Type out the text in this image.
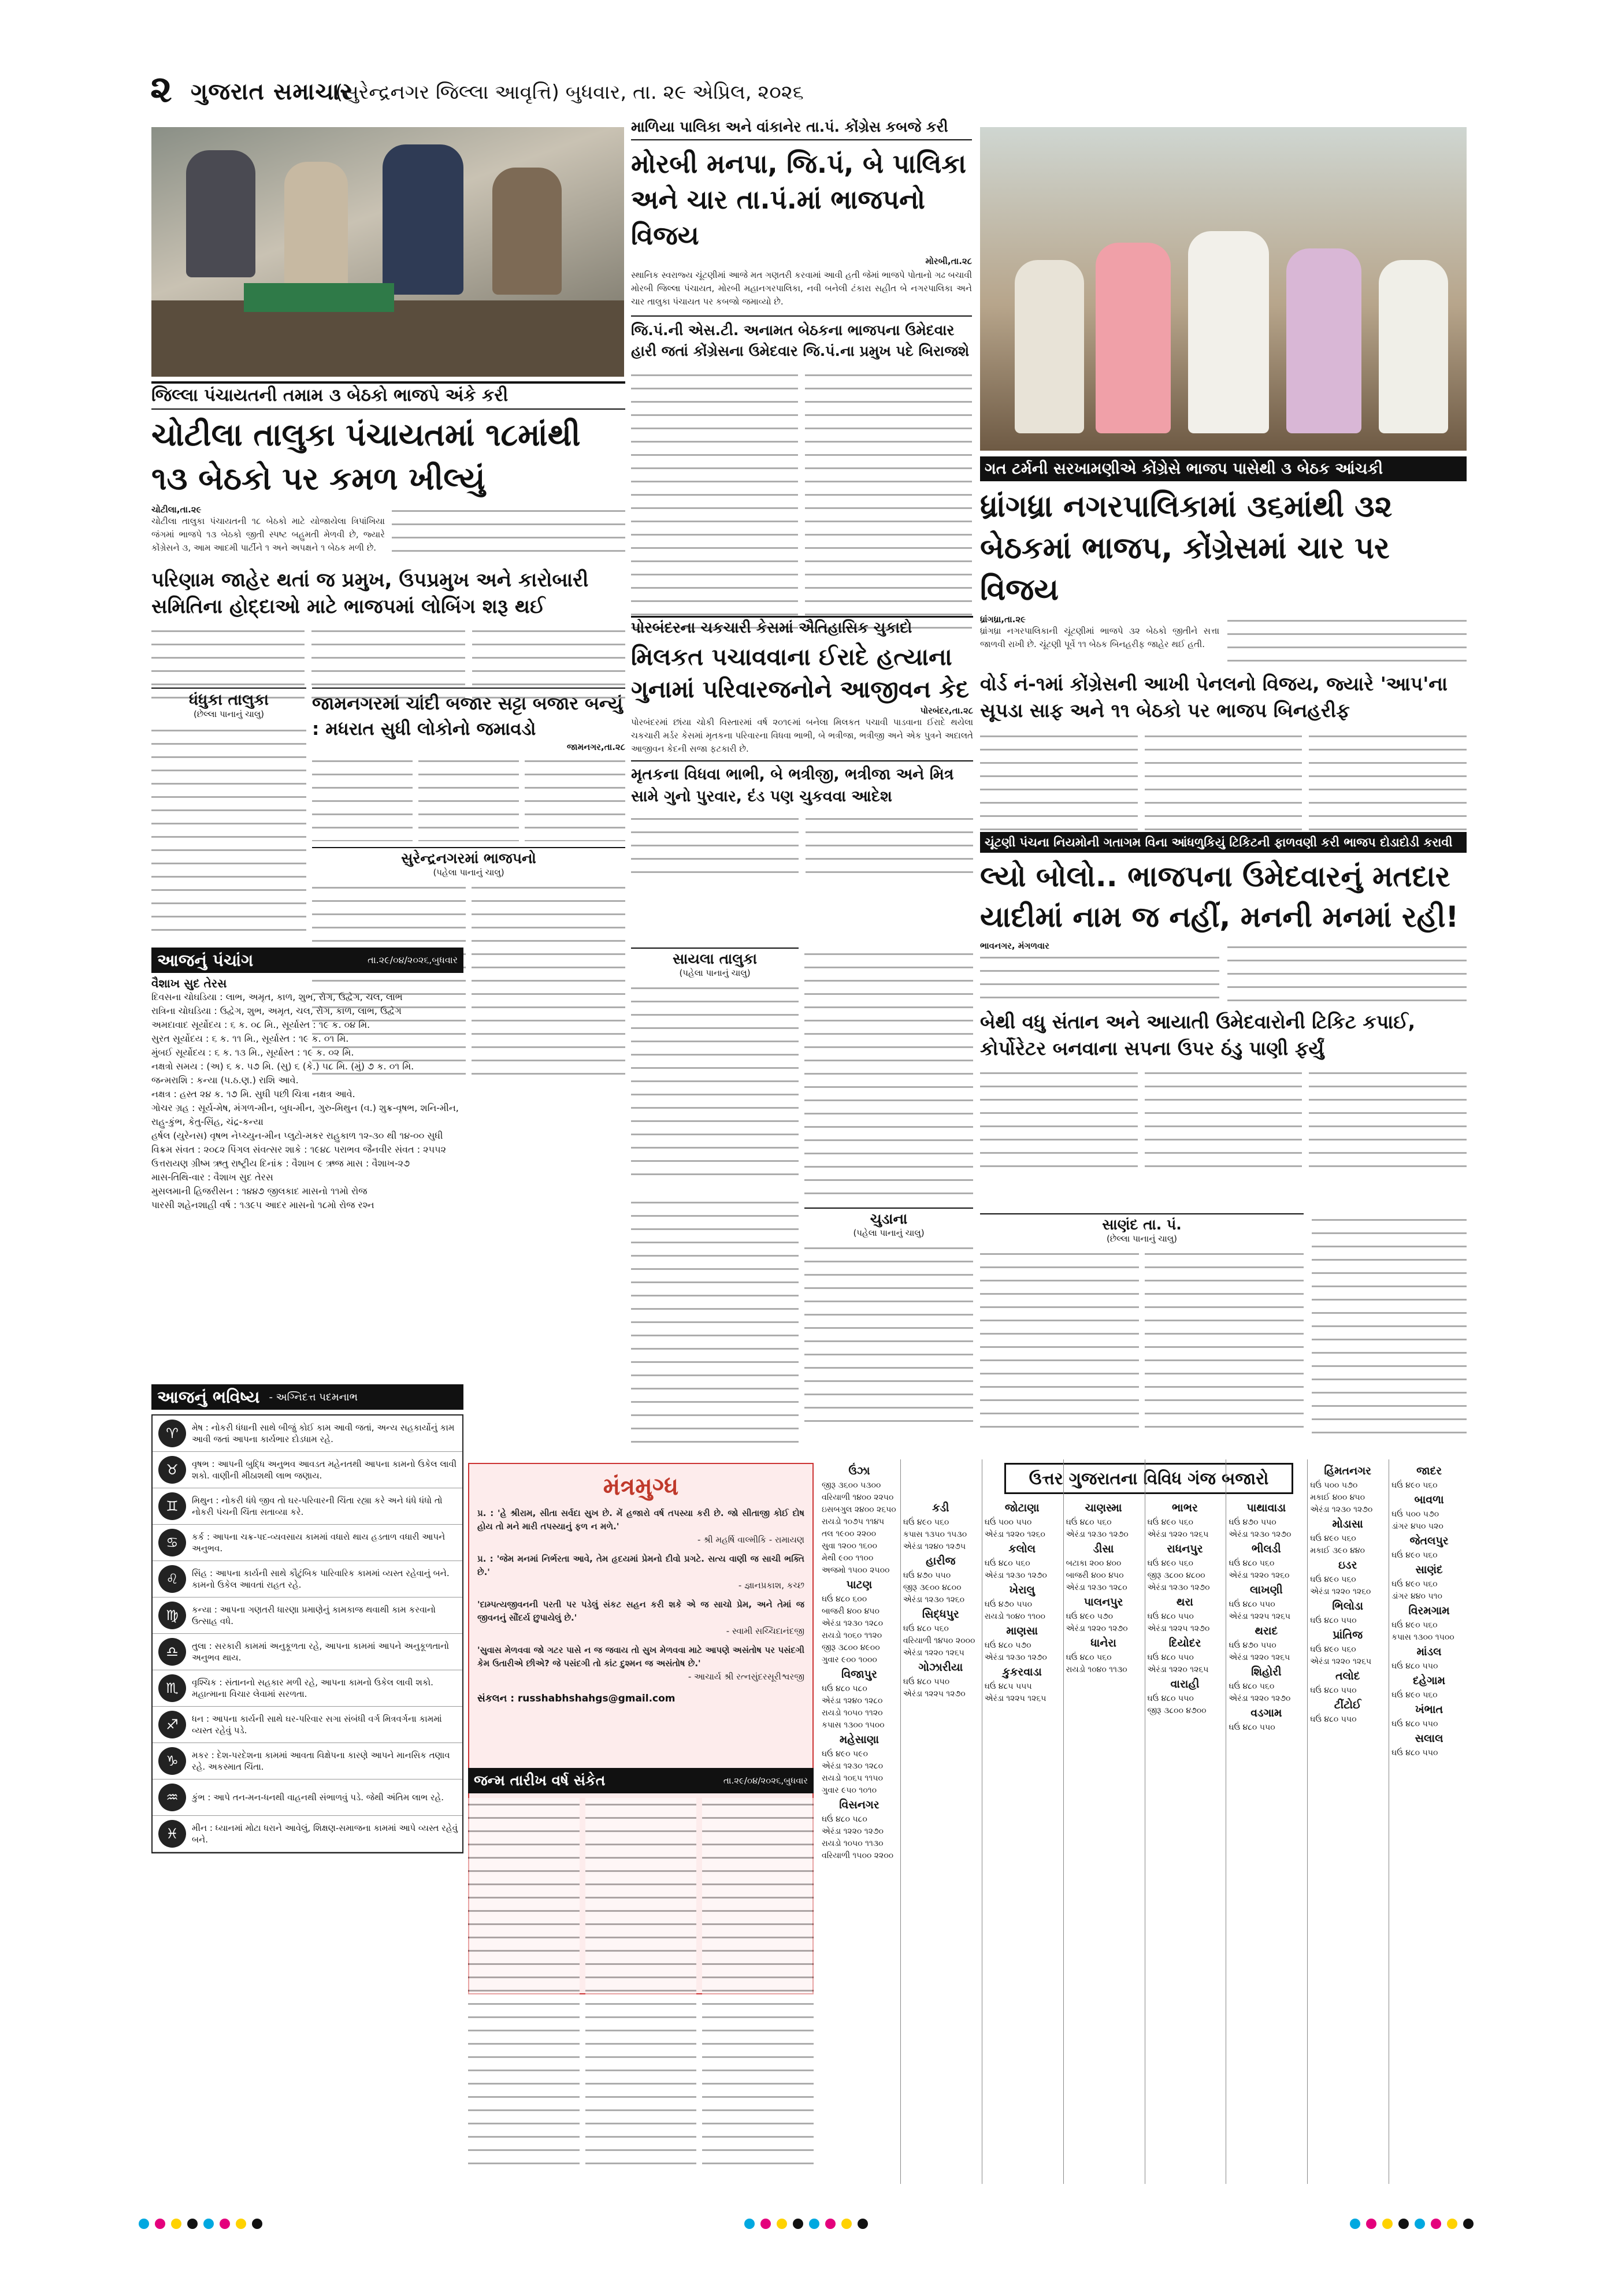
૨ ગુજરાત સમાચાર
(સુરેન્દ્રનગર જિલ્લા આવૃત્તિ) બુધવાર, તા. ૨૯ એપ્રિલ, ૨૦૨૬
માળિયા પાલિકા અને વાંકાનેર તા.પં. કોંગ્રેસ કબજે કરી
મોરબી મનપા, જિ.પં, બે પાલિકા અને ચાર તા.પં.માં ભાજપનો વિજય
મોરબી,તા.૨૮
સ્થાનિક સ્વરાજ્ય ચૂંટણીમાં આજે મત ગણતરી કરવામાં આવી હતી જેમાં ભાજપે પોતાનો ગઢ બચાવી મોરબી જિલ્લા પંચાયત, મોરબી મહાનગરપાલિકા, નવી બનેલી ટંકારા સહીત બે નગરપાલિકા અને ચાર તાલુકા પંચાયત પર કબજો જમાવ્યો છે.
જિ.પં.ની એસ.ટી. અનામત બેઠકના ભાજપના ઉમેદવાર હારી જતાં કોંગ્રેસના ઉમેદવાર જિ.પં.ના પ્રમુખ પદે બિરાજશે
ગત ટર્મની સરખામણીએ કોંગ્રેસે ભાજપ પાસેથી ૩ બેઠક આંચકી
ધ્રાંગધ્રા નગરપાલિકામાં ૩૬માંથી ૩૨ બેઠકમાં ભાજપ, કોંગ્રેસમાં ચાર પર વિજય
ધ્રાંગધ્રા,તા.૨૯
ધ્રાંગધ્રા નગરપાલિકાની ચૂંટણીમાં ભાજપે ૩૨ બેઠકો જીતીને સત્તા જાળવી રાખી છે. ચૂંટણી પૂર્વે ૧૧ બેઠક બિનહરીફ જાહેર થઈ હતી.
વોર્ડ નં-૧માં કોંગ્રેસની આખી પેનલનો વિજય, જ્યારે 'આપ'ના સૂપડા સાફ અને ૧૧ બેઠકો પર ભાજપ બિનહરીફ
જિલ્લા પંચાયતની તમામ ૩ બેઠકો ભાજપે અંકે કરી
ચોટીલા તાલુકા પંચાયતમાં ૧૮માંથી ૧૩ બેઠકો પર કમળ ખીલ્યું
ચોટીલા,તા.૨૯
ચોટીલા તાલુકા પંચાયતની ૧૮ બેઠકો માટે યોજાયેલા ત્રિપાંખિયા જંગમાં ભાજપે ૧૩ બેઠકો જીતી સ્પષ્ટ બહુમતી મેળવી છે, જ્યારે કોંગ્રેસને ૩, આમ આદમી પાર્ટીને ૧ અને અપક્ષને ૧ બેઠક મળી છે.
પરિણામ જાહેર થતાં જ પ્રમુખ, ઉપપ્રમુખ અને કારોબારી સમિતિના હોદ્દાઓ માટે ભાજપમાં લોબિંગ શરૂ થઈ
પોરબંદરના ચકચારી કેસમાં ઐતિહાસિક ચુકાદો
મિલકત પચાવવાના ઈરાદે હત્યાના ગુનામાં પરિવારજનોને આજીવન કેદ
પોરબંદર,તા.૨૮
પોરબંદરમાં છાંયા ચોકી વિસ્તારમાં વર્ષ ૨૦૧૯માં બનેલા મિલકત પચાવી પાડવાના ઈરાદે થયેલા ચકચારી મર્ડર કેસમાં મૃતકના પરિવારના વિધવા ભાભી, બે ભત્રીજા, ભત્રીજી અને એક પુત્રને અદાલતે આજીવન કેદની સજા ફટકારી છે.
મૃતકના વિધવા ભાભી, બે ભત્રીજી, ભત્રીજા અને મિત્ર સામે ગુનો પુરવાર, દંડ પણ ચુકવવા આદેશ
ધંધુકા તાલુકા
(છેલ્લા પાનાનું ચાલુ)
જામનગરમાં ચાંદી બજાર સટ્ટા બજાર બન્યું : મધરાત સુધી લોકોનો જમાવડો
જામનગર,તા.૨૮
સુરેન્દ્રનગરમાં ભાજપનો
(પહેલા પાનાનું ચાલુ)
સાયલા તાલુકા
(પહેલા પાનાનું ચાલુ)
ચુડાના
(પહેલા પાનાનું ચાલુ)
ચૂંટણી પંચના નિયમોની ગતાગમ વિના આંધળુકિયું ટિકિટની ફાળવણી કરી ભાજપ દોડાદોડી કરાવી
લ્યો બોલો.. ભાજપના ઉમેદવારનું મતદાર યાદીમાં નામ જ નહીં, મનની મનમાં રહી!
ભાવનગર, મંગળવાર
બેથી વધુ સંતાન અને આયાતી ઉમેદવારોની ટિકિટ કપાઈ, કોર્પોરેટર બનવાના સપના ઉપર ઠંડુ પાણી ફર્યું
સાણંદ તા. પં.
(છેલ્લા પાનાનું ચાલુ)
આજનું પંચાંગ	તા.૨૯/૦૪/૨૦૨૬,બુધવાર
વૈશાખ સુદ તેરસ
દિવસના ચોઘડિયા : લાભ, અમૃત, કાળ, શુભ, રોગ, ઉદ્વેગ, ચલ, લાભ
રાત્રિના ચોઘડિયા : ઉદ્વેગ, શુભ, અમૃત, ચલ, રોગ, કાળ, લાભ, ઉદ્વેગ
અમદાવાદ સૂર્યોદય : ૬ ક. ૦૮ મિ., સૂર્યાસ્ત : ૧૯ ક. ૦૪ મિ.
સુરત સૂર્યોદય : ૬ ક. ૧૧ મિ., સૂર્યાસ્ત : ૧૯ ક. ૦૧ મિ.
મુંબઈ સૂર્યોદય : ૬ ક. ૧૩ મિ., સૂર્યાસ્ત : ૧૯ ક. ૦૨ મિ.
નક્ષત્રો સમય : (અ) ૬ ક. ૫૭ મિ. (સુ) ૬ (કે.) ૫૮ મિ. (મું) ૭ ક. ૦૧ મિ.
જન્મરાશિ : કન્યા (પ.ઠ.ણ.) રાશિ આવે.
નક્ષત્ર : હસ્ત ૨૪ ક. ૧૭ મિ. સુધી પછી ચિત્રા નક્ષત્ર આવે.
ગોચર ગ્રહ : સૂર્ય-મેષ, મંગળ-મીન, બુધ-મીન, ગુરુ-મિથુન (વ.) શુક્ર-વૃષભ, શનિ-મીન, રાહુ-કુંભ, કેતુ-સિંહ, ચંદ્ર-કન્યા
હર્ષલ (યુરેનસ) વૃષભ નેપ્ચ્યુન-મીન પ્લુટો-મકર રાહુકાળ ૧૨-૩૦ થી ૧૪-૦૦ સુધી
વિક્રમ સંવત : ૨૦૮૨ પિંગલ સંવત્સર શાકે : ૧૯૪૮ પરાભવ જૈનવીર સંવત : ૨૫૫૨
ઉત્તરાયણ ગ્રીષ્મ ઋતુ રાષ્ટ્રીય દિનાંક : વૈશાખ ૯ ઋજ માસ : વૈશાખ-૨૭
માસ-તિથિ-વાર : વૈશાખ સુદ તેરસ
મુસલમાની હિજરીસન : ૧૪૪૭ જીલકાદ માસનો ૧૧મો રોજ
પારસી શહેનશાહી વર્ષ : ૧૩૯૫ આદર માસનો ૧૮મો રોજ રશ્ન
આજનું ભવિષ્ય - અગ્નિદત્ત પદમનાભ
♈	મેષ : નોકરી ધંધાની સાથે બીજું કોઈ કામ આવી જતાં, અન્ય સહકાર્યોનું કામ આવી જતાં આપના કાર્યભાર દોડધામ રહે.
♉	વૃષભ : આપની બુદ્ધિ અનુભવ આવડત મહેનતથી આપના કામનો ઉકેલ લાવી શકો. વાણીની મીઠાશથી લાભ જણાય.
♊	મિથુન : નોકરી ધંધે જીવ તો ઘર-પરિવારની ચિંતા રહ્યા કરે અને ધંધે ધંધો તો નોકરી પંચની ચિંતા સતાવ્યા કરે.
♋	કર્ક : આપના ચક્ર-પદ-વ્યવસાય કામમાં વધારો થાય હડતાળ વધારી આપને અનુભવ.
♌	સિંહ : આપના કાર્યની સાથે કૌટુંબિક પારિવારિક કામમાં વ્યસ્ત રહેવાનું બને. કામનો ઉકેલ આવતાં રાહત રહે.
♍	કન્યા : આપના ગણતરી ધારણા પ્રમાણેનું કામકાજ થવાથી કામ કરવાનો ઉત્સાહ વધે.
♎	તુલા : સરકારી કામમાં અનુકૂળતા રહે, આપના કામમાં આપને અનુકૂળતાનો અનુભવ થાય.
♏	વૃશ્ચિક : સંતાનનો સહકાર મળી રહે, આપના કામનો ઉકેલ લાવી શકો. મહાત્માના વિચાર લેવામાં સરળતા.
♐	ધન : આપના કાર્યની સાથે ઘર-પરિવાર સગા સંબંધી વર્ગ મિત્રવર્ગના કામમાં વ્યસ્ત રહેવું પડે.
♑	મકર : દેશ-પરદેશના કામમાં આવતા વિક્ષેપના કારણે આપને માનસિક તણાવ રહે. અકસ્માત ચિંતા.
♒	કુંભ : આપે તન-મન-ધનથી વાહનથી સંભાળવું પડે. જેથી અંતિમ લાભ રહે.
♓	મીન : ધ્યાનમાં મોટા ધરાને આવેલું, શિક્ષણ-સમાજના કામમાં આપે વ્યસ્ત રહેવું બને.
મંત્રમુગ્ધ
પ્ર. : 'હે શ્રીરામ, સીતા સર્વદા સુખ છે. મેં હજારો વર્ષ તપસ્યા કરી છે. જો સીતાજી કોઈ દોષ હોય તો મને મારી તપસ્યાનું ફળ ન મળે.'
- શ્રી મહર્ષિ વાલ્મીકિ - રામાયણ
પ્ર. : 'જેમ મનમાં નિર્ભરતા આવે, તેમ હૃદયમાં પ્રેમનો દીવો પ્રગટે. સત્ય વાણી જ સાચી ભક્તિ છે.'
- જ્ઞાનપ્રકાશ, કચ્છ
'દામ્પત્યજીવનની પરતી પર પડેલું સંકટ સહન કરી શકે એ જ સાચો પ્રેમ, અને તેમાં જ જીવનનું સૌંદર્ય છુપાયેલું છે.'
- સ્વામી સચ્ચિદાનંદજી
'સુવાસ મેળવવા જો ગટર પાસે ન જ જવાય તો સુખ મેળવવા માટે આપણે અસંતોષ પર પસંદગી કેમ ઉતારીએ છીએ? જે પસંદગી તો કાંટ દુશ્મન જ અસંતોષ છે.'
- આચાર્ય શ્રી રત્નસુંદરસૂરીશ્વરજી
સંકલન : russhabhshahgs@gmail.com
જન્મ તારીખ વર્ષ સંકેત	તા.૨૯/૦૪/૨૦૨૬,બુધવાર
ઉત્તર ગુજરાતના વિવિધ ગંજ બજારો
ઉંઝા
જીરૂ ૩૬૦૦ ૫૩૦૦
વરિયાળી ૧૪૦૦ ૨૨૫૦
ઇસબગુલ ૨૪૦૦ ૨૬૫૦
રાયડો ૧૦૭૫ ૧૧૪૫
તલ ૧૯૦૦ ૨૨૦૦
સુવા ૧૨૦૦ ૧૬૦૦
મેથી ૯૦૦ ૧૧૦૦
અજમો ૧૫૦૦ ૨૫૦૦
પાટણ
ઘઉં ૪૮૦ ૬૦૦
બાજરી ૪૦૦ ૪૫૦
એરંડા ૧૨૩૦ ૧૨૮૦
રાયડો ૧૦૬૦ ૧૧૨૦
જીરૂ ૩૮૦૦ ૪૯૦૦
ગુવાર ૯૦૦ ૧૦૦૦
વિજાપુર
ઘઉં ૪૮૦ ૫૮૦
એરંડા ૧૨૪૦ ૧૨૮૦
રાયડો ૧૦૫૦ ૧૧૨૦
કપાસ ૧૩૦૦ ૧૫૦૦
મહેસાણા
ઘઉં ૪૯૦ ૫૯૦
એરંડા ૧૨૩૦ ૧૨૮૦
રાયડો ૧૦૬૫ ૧૧૫૦
ગુવાર ૯૫૦ ૧૦૧૦
વિસનગર
ઘઉં ૪૮૦ ૫૮૦
એરંડા ૧૨૨૦ ૧૨૭૦
રાયડો ૧૦૫૦ ૧૧૩૦
વરિયાળી ૧૫૦૦ ૨૨૦૦
કડી
ઘઉં ૪૯૦ ૫૬૦
કપાસ ૧૩૫૦ ૧૫૩૦
એરંડા ૧૨૪૦ ૧૨૭૫
હારીજ
ઘઉં ૪૭૦ ૫૫૦
જીરૂ ૩૯૦૦ ૪૮૦૦
એરંડા ૧૨૩૦ ૧૨૬૦
સિદ્ધપુર
ઘઉં ૪૮૦ ૫૬૦
વરિયાળી ૧૪૫૦ ૨૦૦૦
એરંડા ૧૨૨૦ ૧૨૬૫
ગોઝારીયા
ઘઉં ૪૮૦ ૫૫૦
એરંડા ૧૨૨૫ ૧૨૭૦
જોટાણા
ઘઉં ૫૦૦ ૫૫૦
એરંડા ૧૨૨૦ ૧૨૬૦
કલોલ
ઘઉં ૪૮૦ ૫૬૦
એરંડા ૧૨૩૦ ૧૨૭૦
ખેરાલુ
ઘઉં ૪૭૦ ૫૫૦
રાયડો ૧૦૪૦ ૧૧૦૦
માણસા
ઘઉં ૪૮૦ ૫૭૦
એરંડા ૧૨૩૦ ૧૨૭૦
કુકરવાડા
ઘઉં ૪૮૫ ૫૫૫
એરંડા ૧૨૨૫ ૧૨૬૫
ચાણસ્મા
ઘઉં ૪૮૦ ૫૬૦
એરંડા ૧૨૩૦ ૧૨૭૦
ડીસા
બટાકા ૨૦૦ ૪૦૦
બાજરી ૪૦૦ ૪૫૦
એરંડા ૧૨૩૦ ૧૨૮૦
પાલનપુર
ઘઉં ૪૯૦ ૫૭૦
એરંડા ૧૨૨૦ ૧૨૭૦
ધાનેરા
ઘઉં ૪૮૦ ૫૬૦
રાયડો ૧૦૪૦ ૧૧૩૦
ભાભર
ઘઉં ૪૯૦ ૫૬૦
એરંડા ૧૨૨૦ ૧૨૬૫
રાધનપુર
ઘઉં ૪૯૦ ૫૬૦
જીરૂ ૩૮૦૦ ૪૮૦૦
એરંડા ૧૨૩૦ ૧૨૭૦
થરા
ઘઉં ૪૮૦ ૫૫૦
એરંડા ૧૨૨૫ ૧૨૭૦
દિયોદર
ઘઉં ૪૮૦ ૫૫૦
એરંડા ૧૨૨૦ ૧૨૬૫
વારાહી
ઘઉં ૪૮૦ ૫૫૦
જીરૂ ૩૮૦૦ ૪૭૦૦
પાથાવાડા
ઘઉં ૪૭૦ ૫૫૦
એરંડા ૧૨૩૦ ૧૨૭૦
ભીલડી
ઘઉં ૪૮૦ ૫૬૦
એરંડા ૧૨૨૦ ૧૨૬૦
લાખણી
ઘઉં ૪૮૦ ૫૫૦
એરંડા ૧૨૨૫ ૧૨૬૫
થરાદ
ઘઉં ૪૭૦ ૫૫૦
એરંડા ૧૨૨૦ ૧૨૬૫
શિહોરી
ઘઉં ૪૮૦ ૫૬૦
એરંડા ૧૨૨૦ ૧૨૭૦
વડગામ
ઘઉં ૪૮૦ ૫૫૦
હિંમતનગર
ઘઉં ૫૦૦ ૫૭૦
મકાઈ ૪૦૦ ૪૫૦
એરંડા ૧૨૩૦ ૧૨૭૦
મોડાસા
ઘઉં ૪૯૦ ૫૬૦
મકાઈ ૩૯૦ ૪૪૦
ઇડર
ઘઉં ૪૯૦ ૫૬૦
એરંડા ૧૨૨૦ ૧૨૬૦
ભિલોડા
ઘઉં ૪૮૦ ૫૫૦
પ્રાંતિજ
ઘઉં ૪૯૦ ૫૬૦
એરંડા ૧૨૨૦ ૧૨૬૫
તલોદ
ઘઉં ૪૮૦ ૫૫૦
ટીંટોઈ
ઘઉં ૪૮૦ ૫૫૦
જાદર
ઘઉં ૪૯૦ ૫૬૦
બાવળા
ઘઉં ૫૦૦ ૫૭૦
ડાંગર ૪૫૦ ૫૨૦
જેતલપુર
ઘઉં ૪૯૦ ૫૬૦
સાણંદ
ઘઉં ૪૯૦ ૫૬૦
ડાંગર ૪૪૦ ૫૧૦
વિરમગામ
ઘઉં ૪૯૦ ૫૬૦
કપાસ ૧૩૦૦ ૧૫૦૦
માંડલ
ઘઉં ૪૮૦ ૫૫૦
દહેગામ
ઘઉં ૪૯૦ ૫૬૦
ખંભાત
ઘઉં ૪૮૦ ૫૫૦
સલાલ
ઘઉં ૪૮૦ ૫૫૦
